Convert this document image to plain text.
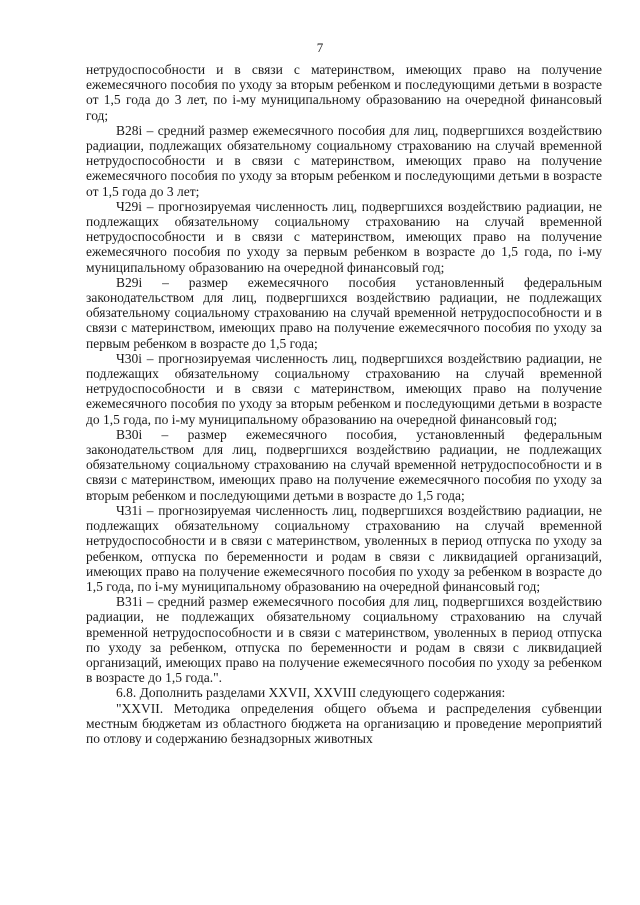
7

нетрудоспособности и в связи с материнством, имеющих право на получение ежемесячного пособия по уходу за вторым ребенком и последующими детьми в возрасте от 1,5 года до 3 лет, по i-му муниципальному образованию на очередной финансовый год;

В28i – средний размер ежемесячного пособия для лиц, подвергшихся воздействию радиации, подлежащих обязательному социальному страхованию на случай временной нетрудоспособности и в связи с материнством, имеющих право на получение ежемесячного пособия по уходу за вторым ребенком и последующими детьми в возрасте от 1,5 года до 3 лет;

Ч29i – прогнозируемая численность лиц, подвергшихся воздействию радиации, не подлежащих обязательному социальному страхованию на случай временной нетрудоспособности и в связи с материнством, имеющих право на получение ежемесячного пособия по уходу за первым ребенком в возрасте до 1,5 года, по i-му муниципальному образованию на очередной финансовый год;

В29i – размер ежемесячного пособия установленный федеральным законодательством для лиц, подвергшихся воздействию радиации, не подлежащих обязательному социальному страхованию на случай временной нетрудоспособности и в связи с материнством, имеющих право на получение ежемесячного пособия по уходу за первым ребенком в возрасте до 1,5 года;

Ч30i – прогнозируемая численность лиц, подвергшихся воздействию радиации, не подлежащих обязательному социальному страхованию на случай временной нетрудоспособности и в связи с материнством, имеющих право на получение ежемесячного пособия по уходу за вторым ребенком и последующими детьми в возрасте до 1,5 года, по i-му муниципальному образованию на очередной финансовый год;

В30i – размер ежемесячного пособия, установленный федеральным законодательством для лиц, подвергшихся воздействию радиации, не подлежащих обязательному социальному страхованию на случай временной нетрудоспособности и в связи с материнством, имеющих право на получение ежемесячного пособия по уходу за вторым ребенком и последующими детьми в возрасте до 1,5 года;

Ч31i – прогнозируемая численность лиц, подвергшихся воздействию радиации, не подлежащих обязательному социальному страхованию на случай временной нетрудоспособности и в связи с материнством, уволенных в период отпуска по уходу за ребенком, отпуска по беременности и родам в связи с ликвидацией организаций, имеющих право на получение ежемесячного пособия по уходу за ребенком в возрасте до 1,5 года, по i-му муниципальному образованию на очередной финансовый год;

В31i – средний размер ежемесячного пособия для лиц, подвергшихся воздействию радиации, не подлежащих обязательному социальному страхованию на случай временной нетрудоспособности и в связи с материнством, уволенных в период отпуска по уходу за ребенком, отпуска по беременности и родам в связи с ликвидацией организаций, имеющих право на получение ежемесячного пособия по уходу за ребенком в возрасте до 1,5 года.".

6.8. Дополнить разделами XXVII, XXVIII следующего содержания:

"XXVII. Методика определения общего объема и распределения субвенции местным бюджетам из областного бюджета на организацию и проведение мероприятий по отлову и содержанию безнадзорных животных
